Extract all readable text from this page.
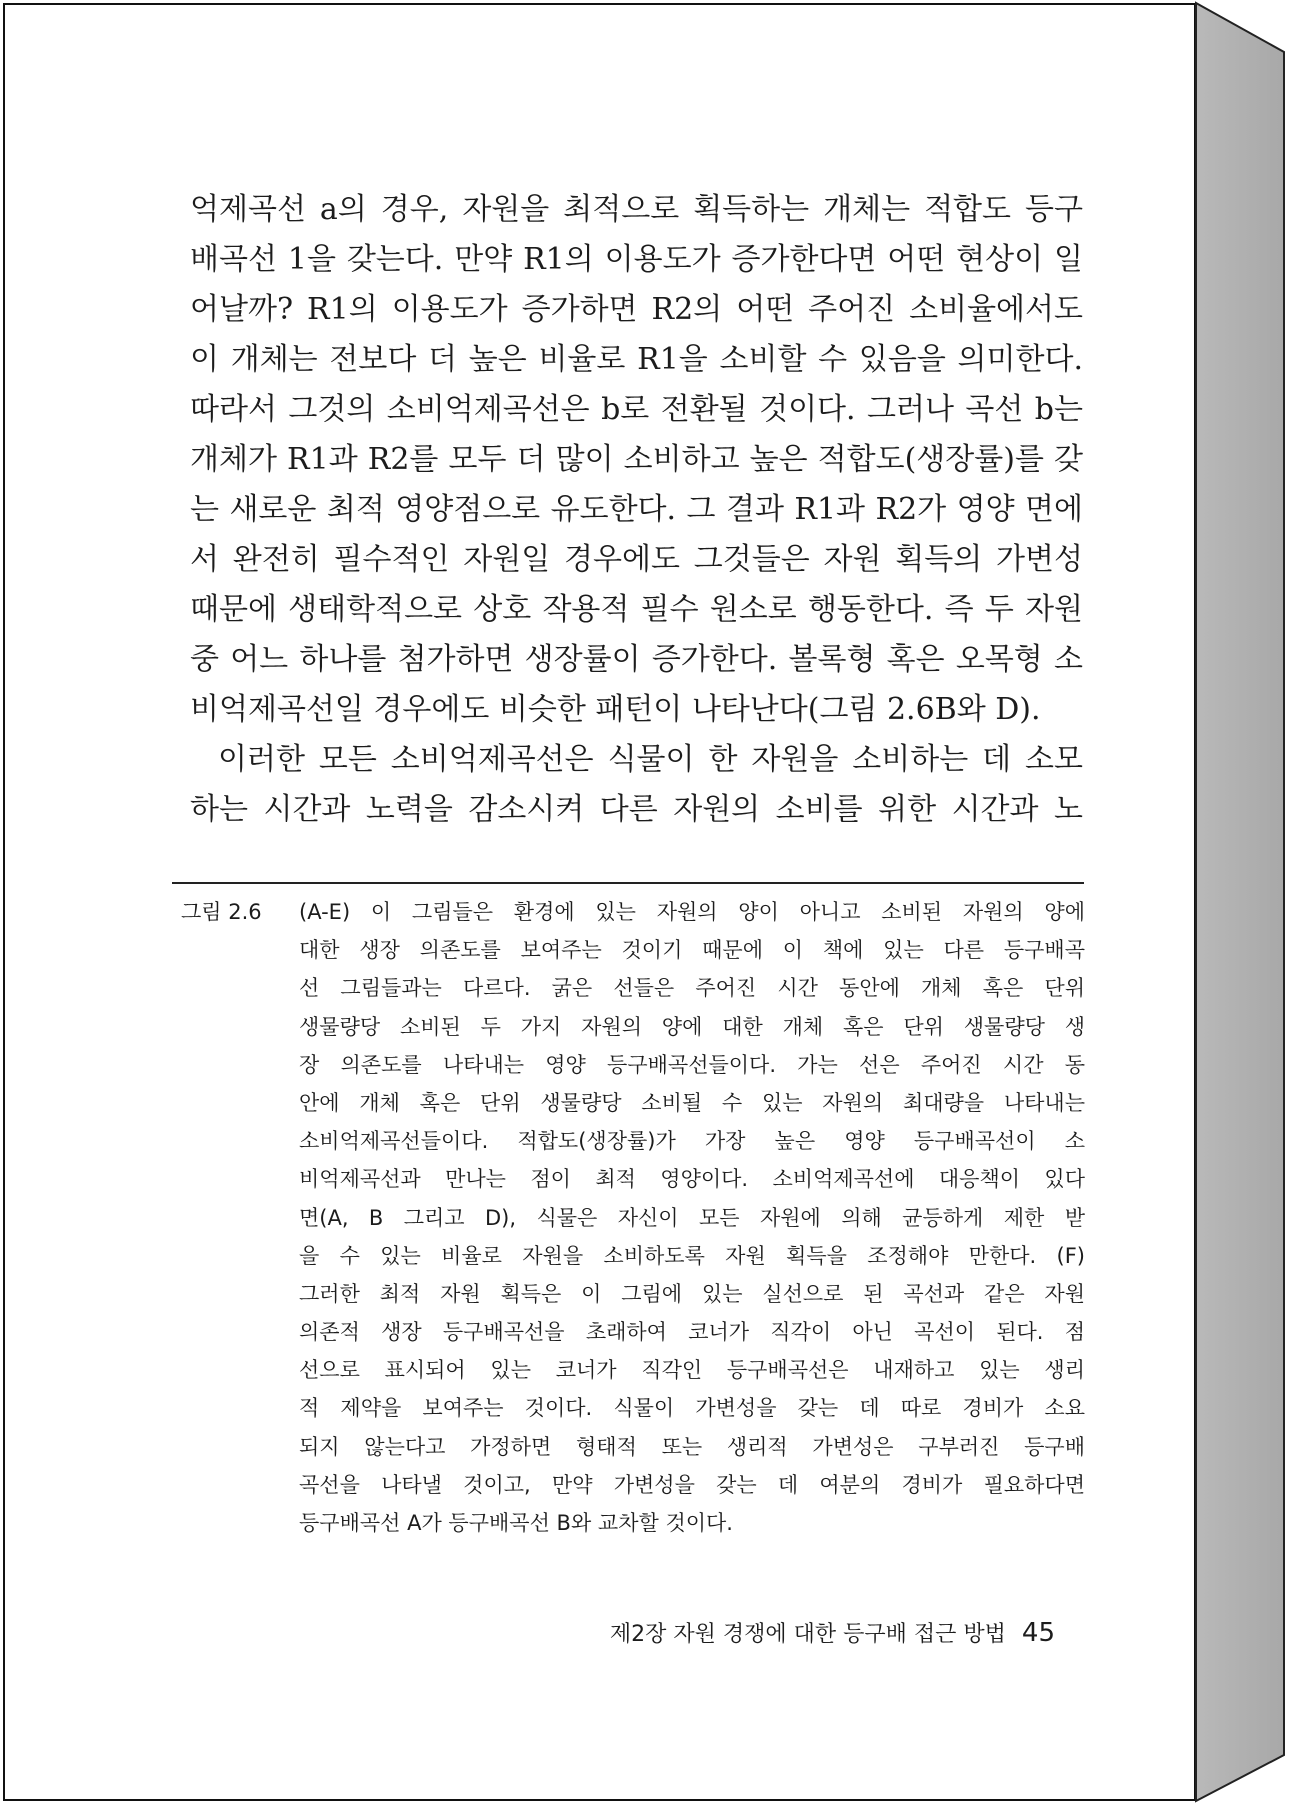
억제곡선 a의 경우, 자원을 최적으로 획득하는 개체는 적합도 등구
배곡선 1을 갖는다. 만약 R1의 이용도가 증가한다면 어떤 현상이 일
어날까? R1의 이용도가 증가하면 R2의 어떤 주어진 소비율에서도
이 개체는 전보다 더 높은 비율로 R1을 소비할 수 있음을 의미한다.
따라서 그것의 소비억제곡선은 b로 전환될 것이다. 그러나 곡선 b는
개체가 R1과 R2를 모두 더 많이 소비하고 높은 적합도(생장률)를 갖
는 새로운 최적 영양점으로 유도한다. 그 결과 R1과 R2가 영양 면에
서 완전히 필수적인 자원일 경우에도 그것들은 자원 획득의 가변성
때문에 생태학적으로 상호 작용적 필수 원소로 행동한다. 즉 두 자원
중 어느 하나를 첨가하면 생장률이 증가한다. 볼록형 혹은 오목형 소
비억제곡선일 경우에도 비슷한 패턴이 나타난다(그림 2.6B와 D).
이러한 모든 소비억제곡선은 식물이 한 자원을 소비하는 데 소모
하는 시간과 노력을 감소시켜 다른 자원의 소비를 위한 시간과 노
그림 2.6	(A-E) 이 그림들은 환경에 있는 자원의 양이 아니고 소비된 자원의 양에
대한 생장 의존도를 보여주는 것이기 때문에 이 책에 있는 다른 등구배곡
선 그림들과는 다르다. 굵은 선들은 주어진 시간 동안에 개체 혹은 단위
생물량당 소비된 두 가지 자원의 양에 대한 개체 혹은 단위 생물량당 생
장 의존도를 나타내는 영양 등구배곡선들이다. 가는 선은 주어진 시간 동
안에 개체 혹은 단위 생물량당 소비될 수 있는 자원의 최대량을 나타내는
소비억제곡선들이다. 적합도(생장률)가 가장 높은 영양 등구배곡선이 소
비억제곡선과 만나는 점이 최적 영양이다. 소비억제곡선에 대응책이 있다
면(A, B 그리고 D), 식물은 자신이 모든 자원에 의해 균등하게 제한 받
을 수 있는 비율로 자원을 소비하도록 자원 획득을 조정해야 만한다. (F)
그러한 최적 자원 획득은 이 그림에 있는 실선으로 된 곡선과 같은 자원
의존적 생장 등구배곡선을 초래하여 코너가 직각이 아닌 곡선이 된다. 점
선으로 표시되어 있는 코너가 직각인 등구배곡선은 내재하고 있는 생리
적 제약을 보여주는 것이다. 식물이 가변성을 갖는 데 따로 경비가 소요
되지 않는다고 가정하면 형태적 또는 생리적 가변성은 구부러진 등구배
곡선을 나타낼 것이고, 만약 가변성을 갖는 데 여분의 경비가 필요하다면
등구배곡선 A가 등구배곡선 B와 교차할 것이다.
제2장 자원 경쟁에 대한 등구배 접근 방법 45
